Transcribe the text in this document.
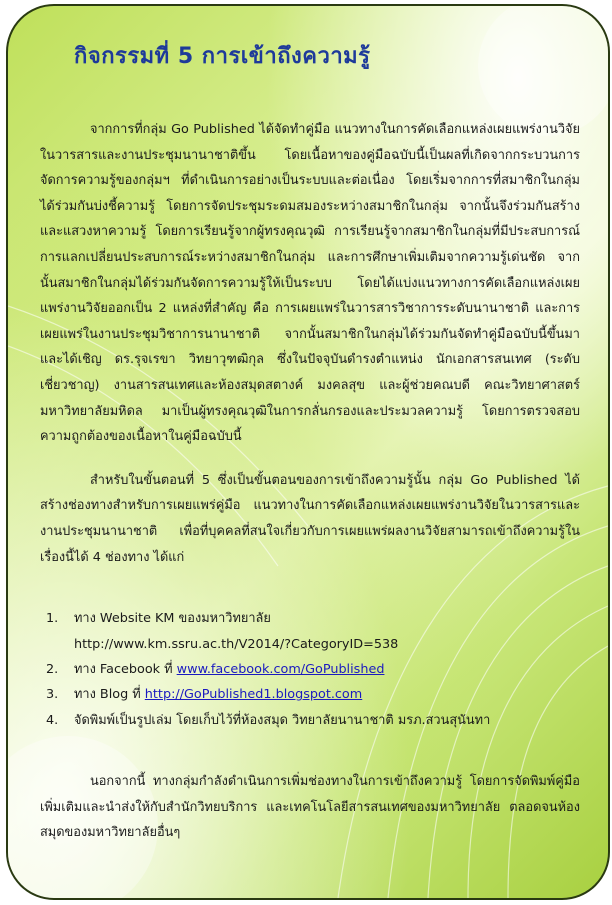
กิจกรรมที่ 5 การเข้าถึงความรู้

จากการที่กลุ่ม Go Published ได้จัดทำคู่มือ แนวทางในการคัดเลือกแหล่งเผยแพร่งานวิจัยในวารสารและงานประชุมนานาชาติขึ้น โดยเนื้อหาของคู่มือฉบับนี้เป็นผลที่เกิดจากกระบวนการจัดการความรู้ของกลุ่มฯ ที่ดำเนินการอย่างเป็นระบบและต่อเนื่อง โดยเริ่มจากการที่สมาชิกในกลุ่มได้ร่วมกันบ่งชี้ความรู้ โดยการจัดประชุมระดมสมองระหว่างสมาชิกในกลุ่ม จากนั้นจึงร่วมกันสร้างและแสวงหาความรู้ โดยการเรียนรู้จากผู้ทรงคุณวุฒิ การเรียนรู้จากสมาชิกในกลุ่มที่มีประสบการณ์ การแลกเปลี่ยนประสบการณ์ระหว่างสมาชิกในกลุ่ม และการศึกษาเพิ่มเติมจากความรู้เด่นชัด จากนั้นสมาชิกในกลุ่มได้ร่วมกันจัดการความรู้ให้เป็นระบบ โดยได้แบ่งแนวทางการคัดเลือกแหล่งเผยแพร่งานวิจัยออกเป็น 2 แหล่งที่สำคัญ คือ การเผยแพร่ในวารสารวิชาการระดับนานาชาติ และการเผยแพร่ในงานประชุมวิชาการนานาชาติ จากนั้นสมาชิกในกลุ่มได้ร่วมกันจัดทำคู่มือฉบับนี้ขึ้นมา และได้เชิญ ดร.รุจเรขา วิทยาวุฑฒิกุล ซึ่งในปัจจุบันดำรงตำแหน่ง นักเอกสารสนเทศ (ระดับเชี่ยวชาญ) งานสารสนเทศและห้องสมุดสตางค์ มงคลสุข และผู้ช่วยคณบดี คณะวิทยาศาสตร์ มหาวิทยาลัยมหิดล มาเป็นผู้ทรงคุณวุฒิในการกลั่นกรองและประมวลความรู้ โดยการตรวจสอบความถูกต้องของเนื้อหาในคู่มือฉบับนี้

สำหรับในขั้นตอนที่ 5 ซึ่งเป็นขั้นตอนของการเข้าถึงความรู้นั้น กลุ่ม Go Published ได้สร้างช่องทางสำหรับการเผยแพร่คู่มือ แนวทางในการคัดเลือกแหล่งเผยแพร่งานวิจัยในวารสารและงานประชุมนานาชาติ เพื่อที่บุคคลที่สนใจเกี่ยวกับการเผยแพร่ผลงานวิจัยสามารถเข้าถึงความรู้ในเรื่องนี้ได้ 4 ช่องทาง ได้แก่

1. ทาง Website KM ของมหาวิทยาลัย
http://www.km.ssru.ac.th/V2014/?CategoryID=538
2. ทาง Facebook ที่ www.facebook.com/GoPublished
3. ทาง Blog ที่ http://GoPublished1.blogspot.com
4. จัดพิมพ์เป็นรูปเล่ม โดยเก็บไว้ที่ห้องสมุด วิทยาลัยนานาชาติ มรภ.สวนสุนันทา

นอกจากนี้ ทางกลุ่มกำลังดำเนินการเพิ่มช่องทางในการเข้าถึงความรู้ โดยการจัดพิมพ์คู่มือเพิ่มเติมและนำส่งให้กับสำนักวิทยบริการ และเทคโนโลยีสารสนเทศของมหาวิทยาลัย ตลอดจนห้องสมุดของมหาวิทยาลัยอื่นๆ
